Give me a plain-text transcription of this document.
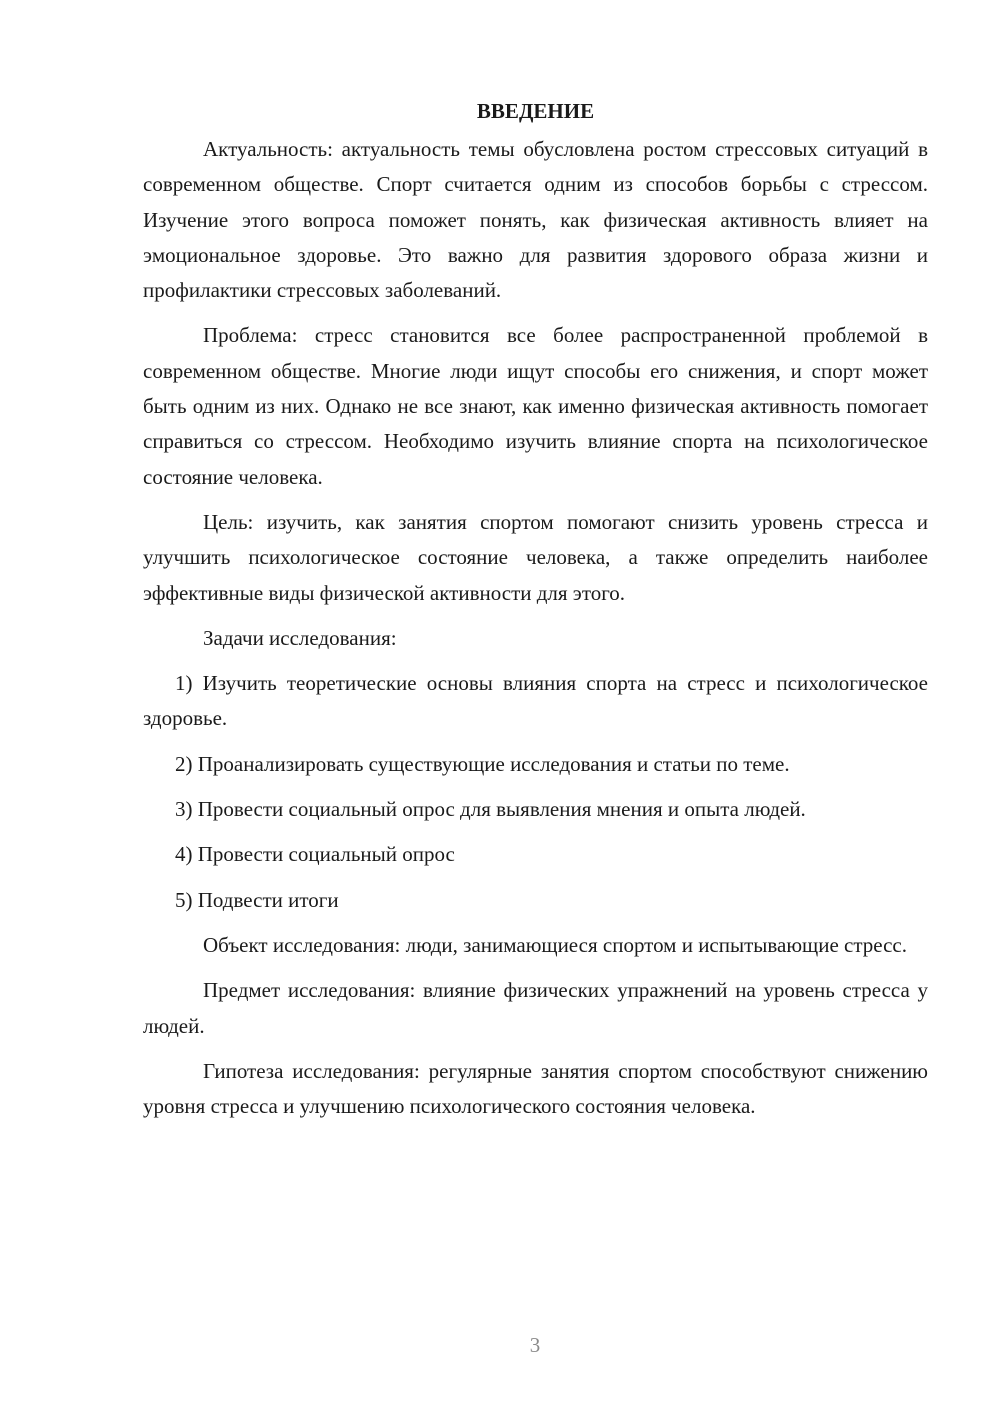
ВВЕДЕНИЕ

Актуальность: актуальность темы обусловлена ростом стрессовых ситуаций в современном обществе. Спорт считается одним из способов борьбы с стрессом. Изучение этого вопроса поможет понять, как физическая активность влияет на эмоциональное здоровье. Это важно для развития здорового образа жизни и профилактики стрессовых заболеваний.

Проблема: стресс становится все более распространенной проблемой в современном обществе. Многие люди ищут способы его снижения, и спорт может быть одним из них. Однако не все знают, как именно физическая активность помогает справиться со стрессом. Необходимо изучить влияние спорта на психологическое состояние человека.

Цель: изучить, как занятия спортом помогают снизить уровень стресса и улучшить психологическое состояние человека, а также определить наиболее эффективные виды физической активности для этого.

Задачи исследования:

1) Изучить теоретические основы влияния спорта на стресс и психологическое здоровье.

2) Проанализировать существующие исследования и статьи по теме.

3) Провести социальный опрос для выявления мнения и опыта людей.

4) Провести социальный опрос

5) Подвести итоги

Объект исследования: люди, занимающиеся спортом и испытывающие стресс.

Предмет исследования: влияние физических упражнений на уровень стресса у людей.

Гипотеза исследования: регулярные занятия спортом способствуют снижению уровня стресса и улучшению психологического состояния человека.

3
